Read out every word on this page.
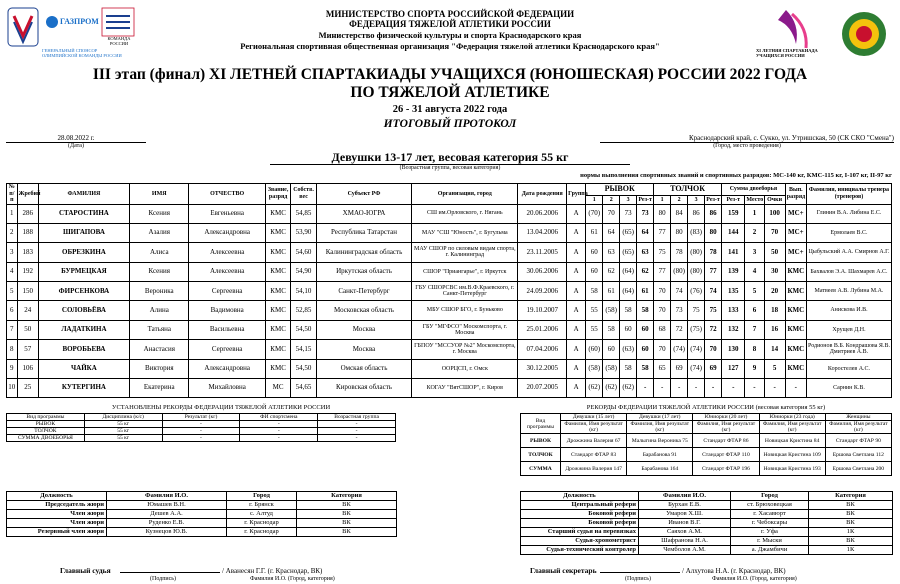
ГАЗПРОМ
КОМАНДА РОССИИ
ГЕНЕРАЛЬНЫЙ СПОНСОР ОЛИМПИЙСКОЙ КОМАНДЫ РОССИИ
XI ЛЕТНЯЯ СПАРТАКИАДА УЧАЩИХСЯ РОССИИ
МИНИСТЕРСТВО СПОРТА РОССИЙСКОЙ ФЕДЕРАЦИИ
ФЕДЕРАЦИЯ ТЯЖЕЛОЙ АТЛЕТИКИ РОССИИ
Министерство физической культуры и спорта Краснодарского края
Региональная спортивная общественная организация "Федерация тяжелой атлетики Краснодарского края"
III этап (финал) XI ЛЕТНЕЙ СПАРТАКИАДЫ УЧАЩИХСЯ (ЮНОШЕСКАЯ) РОССИИ 2022 ГОДА
ПО ТЯЖЕЛОЙ АТЛЕТИКЕ
26 - 31 августа 2022 года
ИТОГОВЫЙ ПРОТОКОЛ
28.08.2022 г.
(Дата)
Краснодарский край, с. Сукко, ул. Утришская, 50 (СК СКО "Смена")
(Город, место проведения)
Девушки 13-17 лет, весовая категория 55 кг
(Возрастная группа, весовая категория)
нормы выполнения спортивных званий и спортивных разрядов: МС-140 кг, КМС-115 кг, I-107 кг, II-97 кг
№ п/п	Жребий	ФАМИЛИЯ	ИМЯ	ОТЧЕСТВО	Звание, разряд	Собств. вес	Субъект РФ	Организация, город	Дата рождения	Группа	РЫВОК				ТОЛЧОК				Сумма двоеборья			Вып. разряд	Фамилия, инициалы тренера (тренеров)
											1	2	3	Рез-т	1	2	3	Рез-т	Рез-т	Место	Очки		
1	286	СТАРОСТИНА	Ксения	Евгеньевна	КМС	54,85	ХМАО-ЮГРА	СШ им.Орловского, г. Нягань	20.06.2006	А	(70)	70	73	73	80	84	86	86	159	1	100	МС+	Глинин В.А. Либина Е.С.
2	188	ШИГАПОВА	Азалия	Александровна	КМС	53,90	Республика Татарстан	МАУ "СШ "Юность", г. Бугульма	13.04.2006	А	61	64	(65)	64	77	80	(83)	80	144	2	70	МС+	Ермолаев В.С.
3	183	ОБРЕЗКИНА	Алиса	Алексеевна	КМС	54,60	Калининградская область	МАУ СШОР по силовым видам спорта, г. Калининград	23.11.2005	А	60	63	(65)	63	75	78	(80)	78	141	3	50	МС+	Цыбульский А.А. Смирнов А.Г.
4	192	БУРМЕЦКАЯ	Ксения	Алексеевна	КМС	54,90	Иркутская область	СШОР "Приангарье", г. Иркутск	30.06.2006	А	60	62	(64)	62	77	(80)	(80)	77	139	4	30	КМС	Бахвалов Э.А. Шахмарев А.С.
5	150	ФИРСЕНКОВА	Вероника	Сергеевна	КМС	54,10	Санкт-Петербург	ГБУ СШОРСВС им.В.Ф.Краевского, г. Санкт-Петербург	24.09.2006	А	58	61	(64)	61	70	74	(76)	74	135	5	20	КМС	Матвеев А.В. Лубина М.А.
6	24	СОЛОВЬЁВА	Алина	Вадимовна	КМС	52,85	Московская область	МБУ СШОР БГО, г. Буньково	19.10.2007	А	55	(58)	58	58	70	73	75	75	133	6	18	КМС	Анискова И.В.
7	50	ЛАДАТКИНА	Татьяна	Васильевна	КМС	54,50	Москва	ГБУ "МГФСО" Москомспорта, г. Москва	25.01.2006	А	55	58	60	60	68	72	(75)	72	132	7	16	КМС	Хрущев Д.Н.
8	57	ВОРОБЬЕВА	Анастасия	Сергеевна	КМС	54,15	Москва	ГБПОУ "МССУОР №2" Москомспорта, г. Москва	07.04.2006	А	(60)	60	(63)	60	70	(74)	(74)	70	130	8	14	КМС	Родионов В.Б. Кондрашова Я.В. Дмитриев А.В.
9	106	ЧАЙКА	Виктория	Александровна	КМС	54,50	Омская область	ООРЦСП, г. Омск	30.12.2005	А	(58)	(58)	58	58	65	69	(74)	69	127	9	5	КМС	Коростелев А.С.
10	25	КУТЕРГИНА	Екатерина	Михайловна	МС	54,65	Кировская область	КОГАУ "ВятСШОР", г. Киров	20.07.2005	А	(62)	(62)	(62)	-	-	-	-	-	-	-	-	-	Сарнин К.В.
УСТАНОВЛЕНЫ РЕКОРДЫ ФЕДЕРАЦИИ ТЯЖЕЛОЙ АТЛЕТИКИ РОССИИ
Вид программы	Дисциплина (к/с)	Результат (кг)	ФИ спортсмена	Возрастная группа
РЫВОК	55 кг	-	-	-
ТОЛЧОК	55 кг	-	-	-
СУММА ДВОЕБОРЬЯ	55 кг	-	-	-
РЕКОРДЫ ФЕДЕРАЦИИ ТЯЖЕЛОЙ АТЛЕТИКИ РОССИИ (весовая категория 55 кг)
Вид программы	Девушки (15 лет)	Девушки (17 лет)	Юниорки (20 лет)	Юниорки (23 года)	Женщины
	Фамилия, Имя результат (кг)	Фамилия, Имя результат (кг)	Фамилия, Имя результат (кг)	Фамилия, Имя результат (кг)	Фамилия, Имя результат (кг)
РЫВОК	Дрожжина Валерия 67	Малыгина Вероника 75	Стандарт ФТАР 86	Новицкая Кристина 84	Стандарт ФТАР 90
ТОЛЧОК	Стандарт ФТАР 83	Барабанова 91	Стандарт ФТАР 110	Новицкая Кристина 109	Ершова Светлана 112
СУММА	Дрожжина Валерия 147	Барабанова 164	Стандарт ФТАР 196	Новицкая Кристина 193	Ершова Светлана 200
Должность	Фамилия И.О.	Город	Категория
Председатель жюри	Юмашев В.Н.	г. Брянск	ВК
Член жюри	Дешев А.А.	с. Алтуд	ВК
Член жюри	Руденко Е.В.	г. Краснодар	ВК
Резервный член жюри	Кузнецов Ю.В.	г. Краснодар	ВК
Должность	Фамилия И.О.	Город	Категория
Центральный рефери	Бурхан Е.В.	ст. Брюховецкая	ВК
Боковой рефери	Умаров Х.Ш.	г. Хасавюрт	ВК
Боковой рефери	Иванов В.Г.	г. Чебоксары	ВК
Старший судья на перевязках	Саяхов А.М.	г. Уфа	1К
Судья-хронометрист	Шафранова Н.А.	г. Мыски	ВК
Судья-технический контролер	Чемболов А.М.	а. Джамбичи	1К
Главный судья	/ Аванесян Г.Г. (г. Краснодар, ВК)
(Подпись)	Фамилия И.О. (Город, категория)
Главный секретарь	/ Алхутова Н.А. (г. Краснодар, ВК)
(Подпись)	Фамилия И.О. (Город, категория)
